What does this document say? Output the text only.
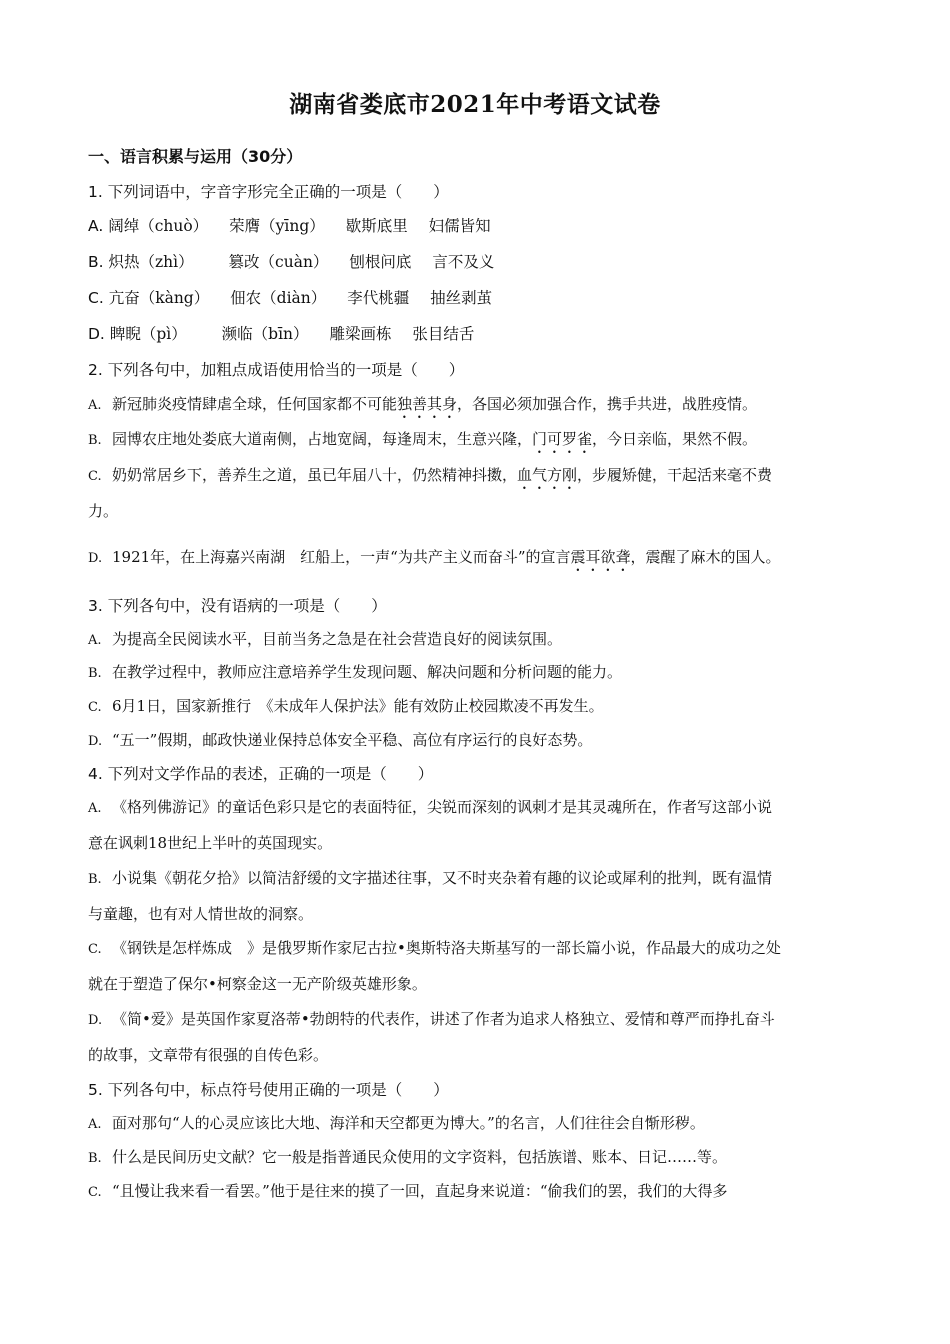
湖南省娄底市2021年中考语文试卷
一、语言积累与运用（30分）
1. 下列词语中，字音字形完全正确的一项是（　　）
A. 阔绰（chuò） 荣膺（yīng） 歇斯底里 妇儒皆知
B. 炽热（zhì） 篡改（cuàn） 刨根问底 言不及义
C. 亢奋（kàng） 佃农（diàn） 李代桃疆 抽丝剥茧
D. 睥睨（pì） 濒临（bīn） 雕梁画栋 张目结舌
2. 下列各句中，加粗点成语使用恰当的一项是（　　）
A. 新冠肺炎疫情肆虐全球，任何国家都不可能独善其身，各国必须加强合作，携手共进，战胜疫情。
B. 园博农庄地处娄底大道南侧，占地宽阔，每逢周末，生意兴隆，门可罗雀，今日亲临，果然不假。
C. 奶奶常居乡下，善养生之道，虽已年届八十，仍然精神抖擞，血气方刚，步履矫健，干起活来毫不费
力。
D. 1921年，在上海嘉兴南湖　红船上，一声“为共产主义而奋斗”的宣言震耳欲聋，震醒了麻木的国人。
3. 下列各句中，没有语病的一项是（　　）
A. 为提高全民阅读水平，目前当务之急是在社会营造良好的阅读氛围。
B. 在教学过程中，教师应注意培养学生发现问题、解决问题和分析问题的能力。
C. 6月1日，国家新推行　《未成年人保护法》能有效防止校园欺凌不再发生。
D. “五一”假期，邮政快递业保持总体安全平稳、高位有序运行的良好态势。
4. 下列对文学作品的表述，正确的一项是（　　）
A. 《格列佛游记》的童话色彩只是它的表面特征，尖锐而深刻的讽刺才是其灵魂所在，作者写这部小说
意在讽刺18世纪上半叶的英国现实。
B. 小说集《朝花夕拾》以简洁舒缓的文字描述往事，又不时夹杂着有趣的议论或犀利的批判，既有温情
与童趣，也有对人情世故的洞察。
C. 《钢铁是怎样炼成　》是俄罗斯作家尼古拉•奥斯特洛夫斯基写的一部长篇小说，作品最大的成功之处
就在于塑造了保尔•柯察金这一无产阶级英雄形象。
D. 《简•爱》是英国作家夏洛蒂•勃朗特的代表作，讲述了作者为追求人格独立、爱情和尊严而挣扎奋斗
的故事，文章带有很强的自传色彩。
5. 下列各句中，标点符号使用正确的一项是（　　）
A. 面对那句“人的心灵应该比大地、海洋和天空都更为博大。”的名言，人们往往会自惭形秽。
B. 什么是民间历史文献？它一般是指普通民众使用的文字资料，包括族谱、账本、日记……等。
C. “且慢让我来看一看罢。”他于是往来的摸了一回，直起身来说道：“偷我们的罢，我们的大得多
